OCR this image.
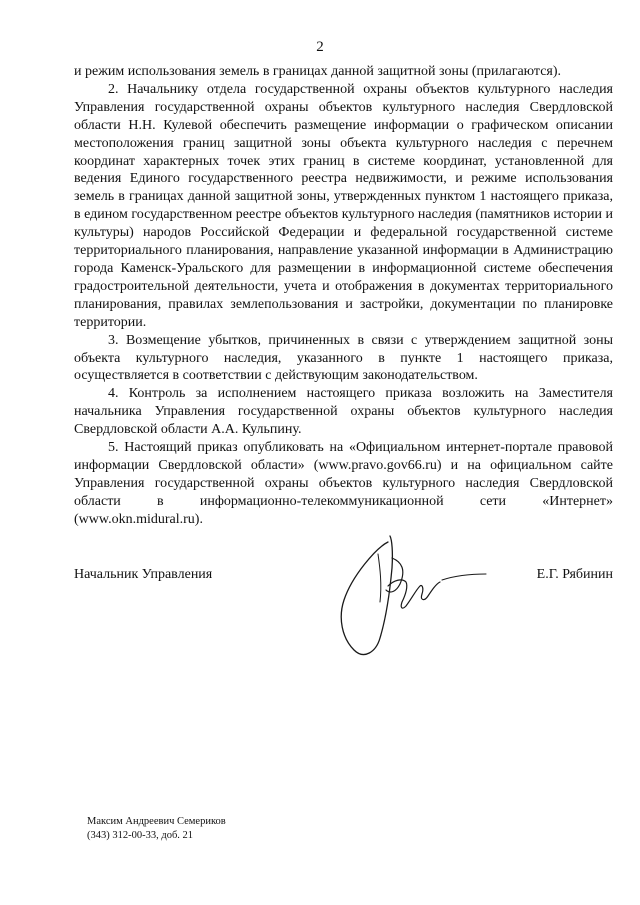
2

и режим использования земель в границах данной защитной зоны (прилагаются).

2. Начальнику отдела государственной охраны объектов культурного наследия Управления государственной охраны объектов культурного наследия Свердловской области Н.Н. Кулевой обеспечить размещение информации о графическом описании местоположения границ защитной зоны объекта культурного наследия с перечнем координат характерных точек этих границ в системе координат, установленной для ведения Единого государственного реестра недвижимости, и режиме использования земель в границах данной защитной зоны, утвержденных пунктом 1 настоящего приказа, в едином государственном реестре объектов культурного наследия (памятников истории и культуры) народов Российской Федерации и федеральной государственной системе территориального планирования, направление указанной информации в Администрацию города Каменск-Уральского для размещении в информационной системе обеспечения градостроительной деятельности, учета и отображения в документах территориального планирования, правилах землепользования и застройки, документации по планировке территории.

3. Возмещение убытков, причиненных в связи с утверждением защитной зоны объекта культурного наследия, указанного в пункте 1 настоящего приказа, осуществляется в соответствии с действующим законодательством.

4. Контроль за исполнением настоящего приказа возложить на Заместителя начальника Управления государственной охраны объектов культурного наследия Свердловской области А.А. Кульпину.

5. Настоящий приказ опубликовать на «Официальном интернет-портале правовой информации Свердловской области» (www.pravo.gov66.ru) и на официальном сайте Управления государственной охраны объектов культурного наследия Свердловской области в информационно-телекоммуникационной сети «Интернет» (www.okn.midural.ru).

Начальник Управления	Е.Г. Рябинин
Максим Андреевич Семериков
(343) 312-00-33, доб. 21
